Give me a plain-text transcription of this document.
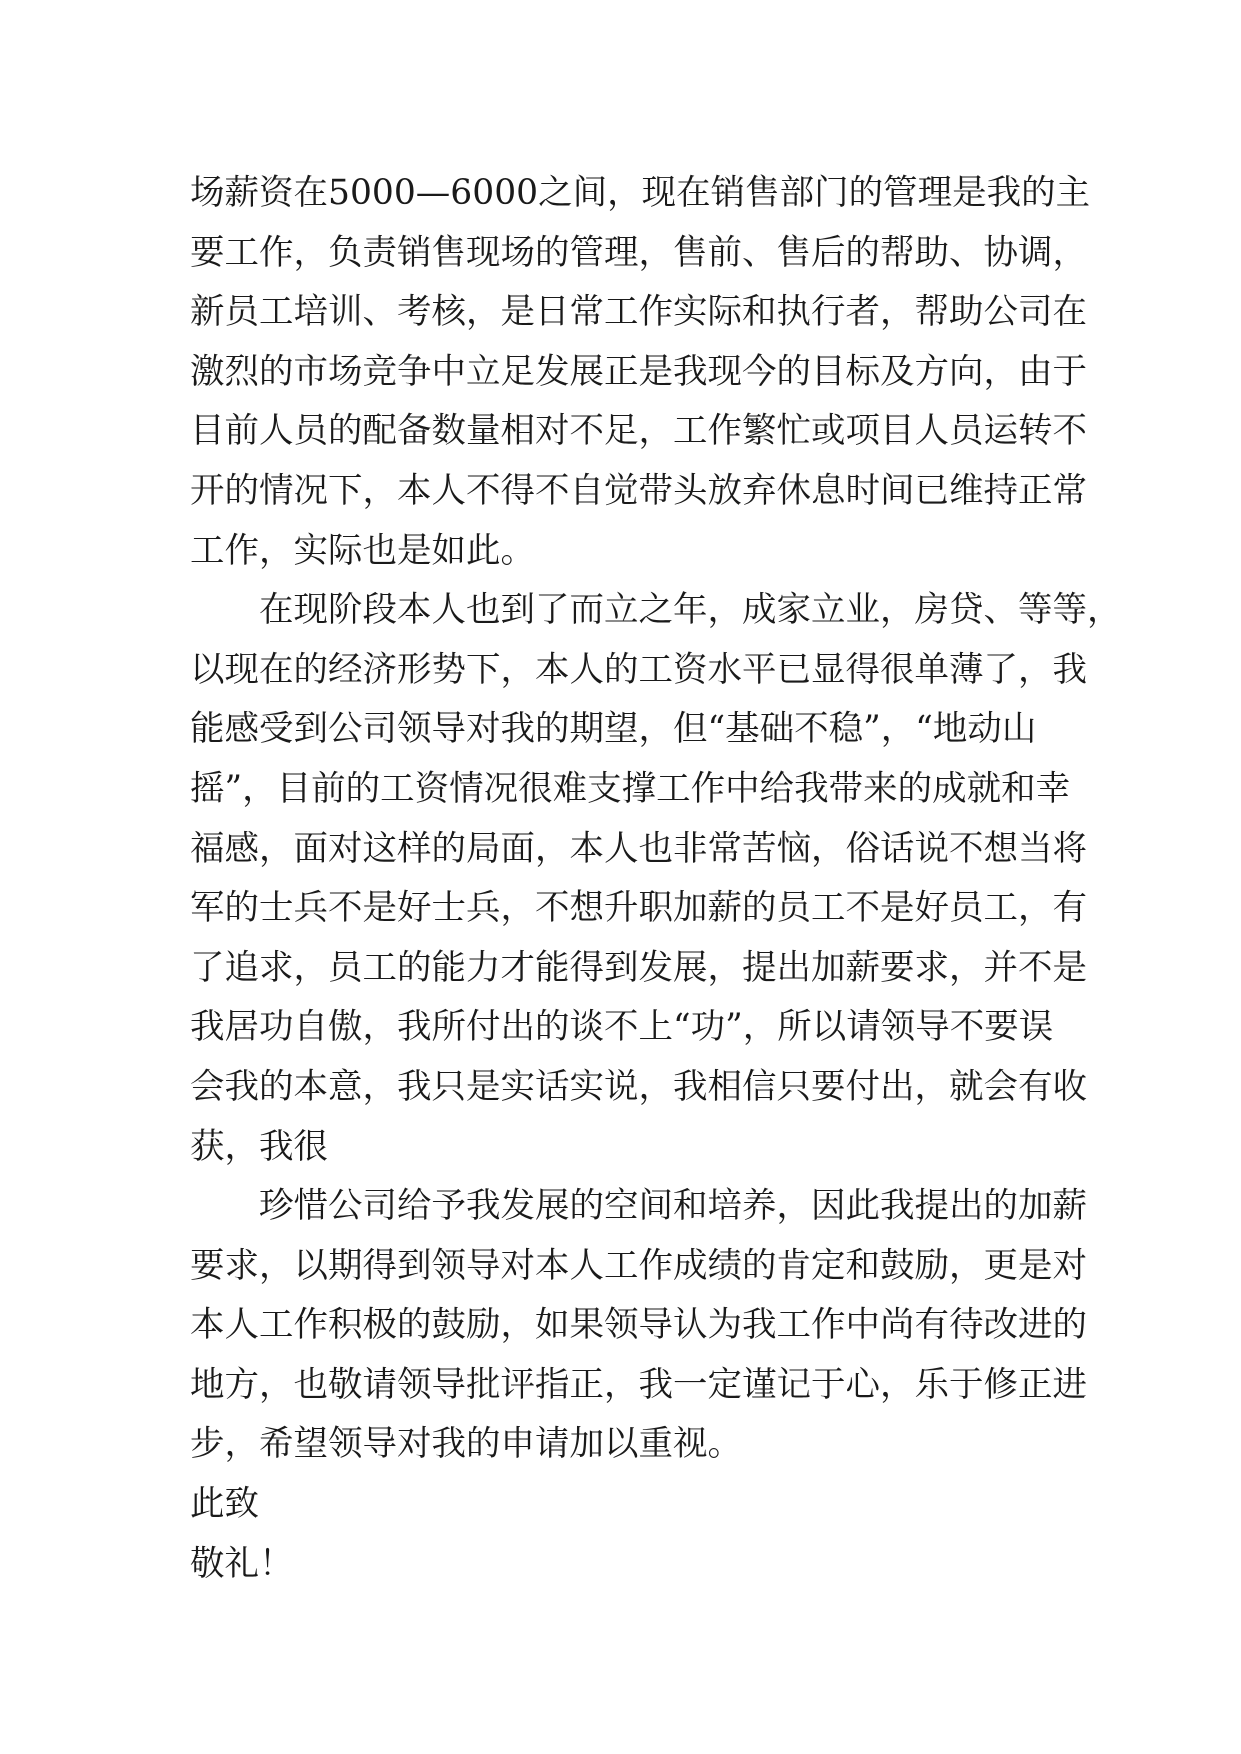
场薪资在5000—6000之间，现在销售部门的管理是我的主
要工作，负责销售现场的管理，售前、售后的帮助、协调，
新员工培训、考核，是日常工作实际和执行者，帮助公司在
激烈的市场竞争中立足发展正是我现今的目标及方向，由于
目前人员的配备数量相对不足，工作繁忙或项目人员运转不
开的情况下，本人不得不自觉带头放弃休息时间已维持正常
工作，实际也是如此。
在现阶段本人也到了而立之年，成家立业，房贷、等等，
以现在的经济形势下，本人的工资水平已显得很单薄了，我
能感受到公司领导对我的期望，但“基础不稳”，“地动山
摇”，目前的工资情况很难支撑工作中给我带来的成就和幸
福感，面对这样的局面，本人也非常苦恼，俗话说不想当将
军的士兵不是好士兵，不想升职加薪的员工不是好员工，有
了追求，员工的能力才能得到发展，提出加薪要求，并不是
我居功自傲，我所付出的谈不上“功”，所以请领导不要误
会我的本意，我只是实话实说，我相信只要付出，就会有收
获，我很
珍惜公司给予我发展的空间和培养，因此我提出的加薪
要求，以期得到领导对本人工作成绩的肯定和鼓励，更是对
本人工作积极的鼓励，如果领导认为我工作中尚有待改进的
地方，也敬请领导批评指正，我一定谨记于心，乐于修正进
步，希望领导对我的申请加以重视。
此致
敬礼！
